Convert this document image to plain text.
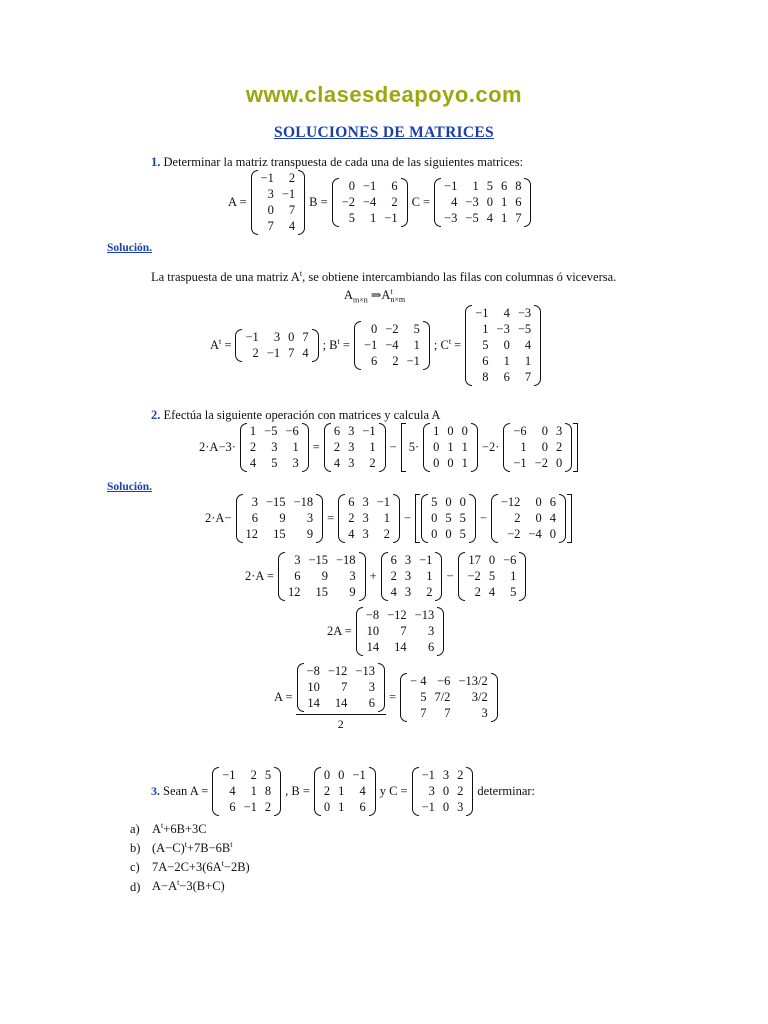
www.clasesdeapoyo.com
SOLUCIONES DE MATRICES
1. Determinar la matriz transpuesta de cada una de las siguientes matrices:
A =
−1	2
3 −1
0	7
7	4
B =
0 −1	6
−2 −4	2
5	1 −1
C =
−1	1 5 6 8
4 −3 0 1 6
−3 −5 4 1 7
Solución.
La traspuesta de una matriz $A^t$, se obtiene intercambiando las filas con columnas ó viceversa.
$A_{m\times n}$ ⇒A t
n×m
$A^t$ =
−1	3 0 7
2 −1 7 4
; $B^t$ =
0 −2	5
−1 −4	1
6	2 −1
; $C^t$ =
−1	4 −3
1 −3 −5
5	0	4
6	1	1
8	6	7
2. Efectúa la siguiente operación con matrices y calcula A
2·A−3·
1 −5 −6
2	3	1
4	5	3
=
6 3 −1
2 3	1
4 3	2
− 5·
1 0 0
0 1 1
0 0 1
−2·
−6	0 3
1	0 2
−1 −2 0
Solución.
2·A−
3 −15 −18
6	9	3
12	15	9
=
6 3 −1
2 3	1
4 3	2
−
5 0 0
0 5 5
0 0 5
−
−12	0 6
2	0 4
−2 −4 0
2·A =
3 −15 −18
6	9	3
12	15	9
+
6 3 −1
2 3	1
4 3	2
−
17 0 −6
−2 5	1
2 4	5
2A =
−8 −12 −13
10	7	3
14	14	6
A = −8 −12 −13
10	7	3
14	14	6
2 =
− 4 −6 −13/2
5 7/2	3/2
7	7	3
3. Sean A =
−1	2 5
4	1 8
6 −1 2
, B =
0 0 −1
2 1	4
0 1	6
y C =
−1 3 2
3 0 2
−1 0 3
determinar:
a) $A^t+6B+3C$
b) $(A-C)^t+7B-6B^t$
c) $7A-2C+3(6A^t-2B)$
d) $A-A^t-3(B+C)$
